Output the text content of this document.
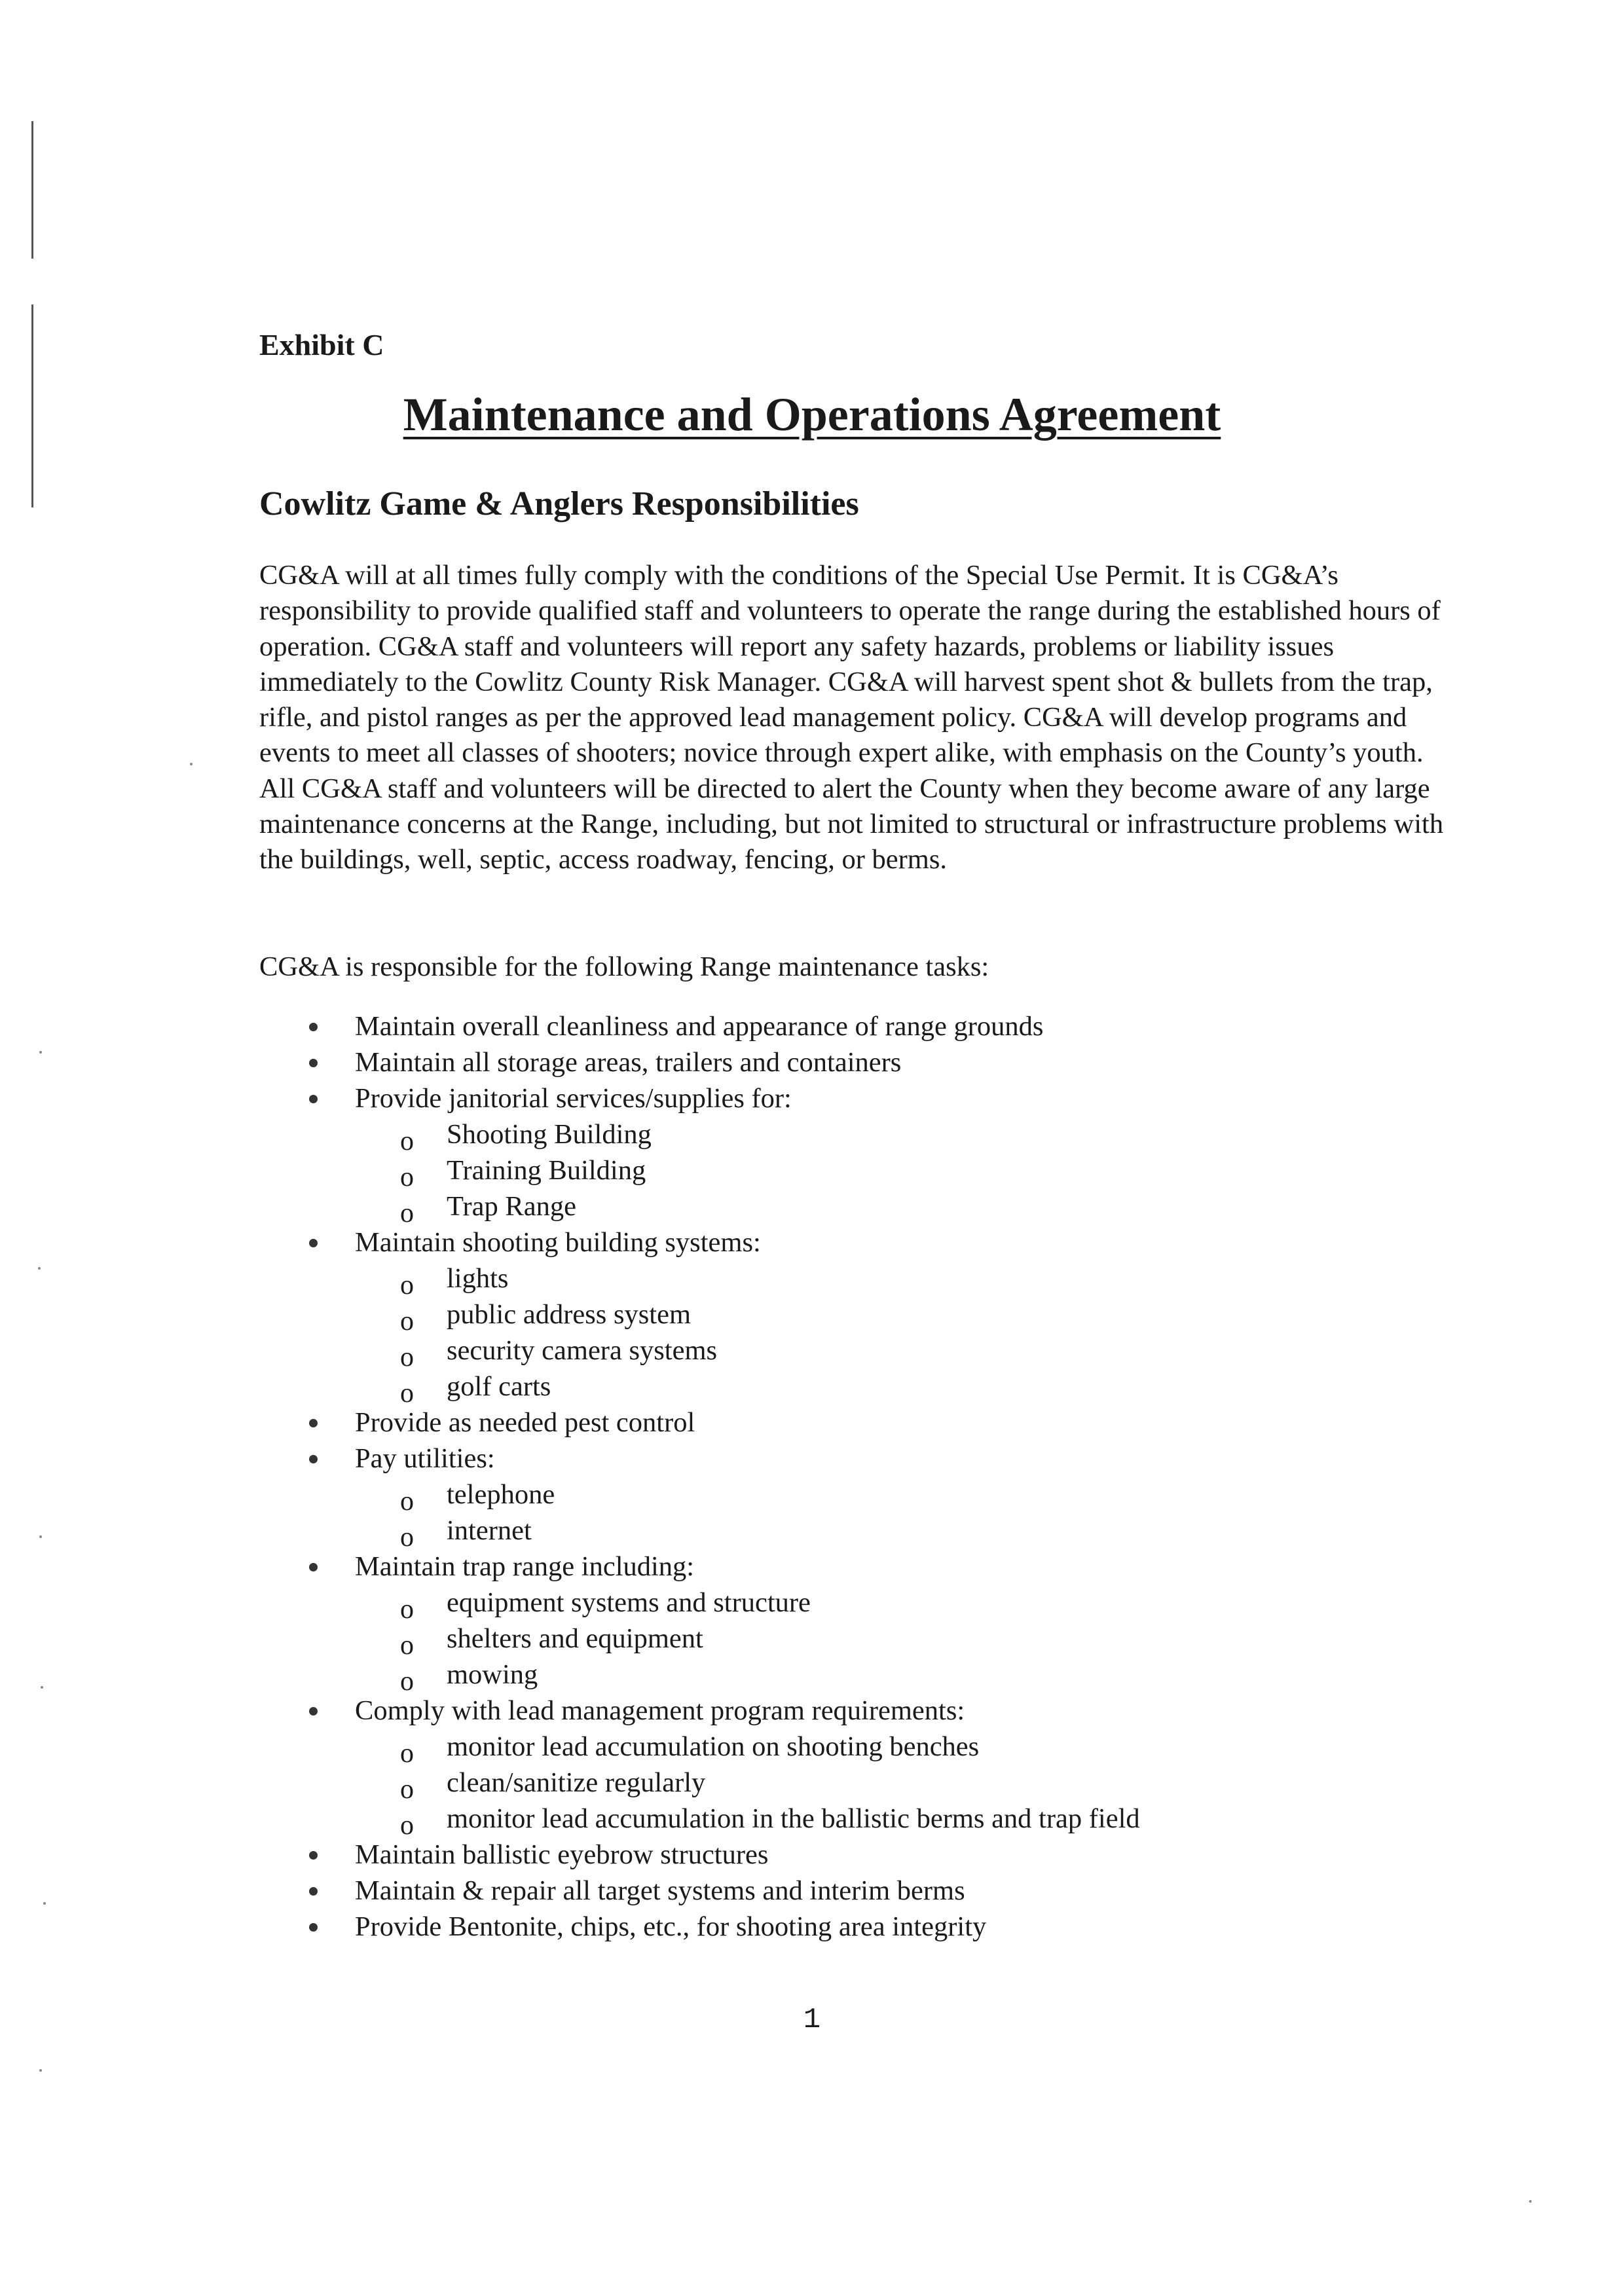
Exhibit C
Maintenance and Operations Agreement
Cowlitz Game & Anglers Responsibilities

CG&A will at all times fully comply with the conditions of the Special Use Permit. It is CG&A’s responsibility to provide qualified staff and volunteers to operate the range during the established hours of operation. CG&A staff and volunteers will report any safety hazards, problems or liability issues immediately to the Cowlitz County Risk Manager. CG&A will harvest spent shot & bullets from the trap, rifle, and pistol ranges as per the approved lead management policy. CG&A will develop programs and events to meet all classes of shooters; novice through expert alike, with emphasis on the County’s youth. All CG&A staff and volunteers will be directed to alert the County when they become aware of any large maintenance concerns at the Range, including, but not limited to structural or infrastructure problems with the buildings, well, septic, access roadway, fencing, or berms.

CG&A is responsible for the following Range maintenance tasks:

Maintain overall cleanliness and appearance of range grounds
Maintain all storage areas, trailers and containers
Provide janitorial services/supplies for:
o Shooting Building
o Training Building
o Trap Range
Maintain shooting building systems:
o lights
o public address system
o security camera systems
o golf carts
Provide as needed pest control
Pay utilities:
o telephone
o internet
Maintain trap range including:
o equipment systems and structure
o shelters and equipment
o mowing
Comply with lead management program requirements:
o monitor lead accumulation on shooting benches
o clean/sanitize regularly
o monitor lead accumulation in the ballistic berms and trap field
Maintain ballistic eyebrow structures
Maintain & repair all target systems and interim berms
Provide Bentonite, chips, etc., for shooting area integrity
1
